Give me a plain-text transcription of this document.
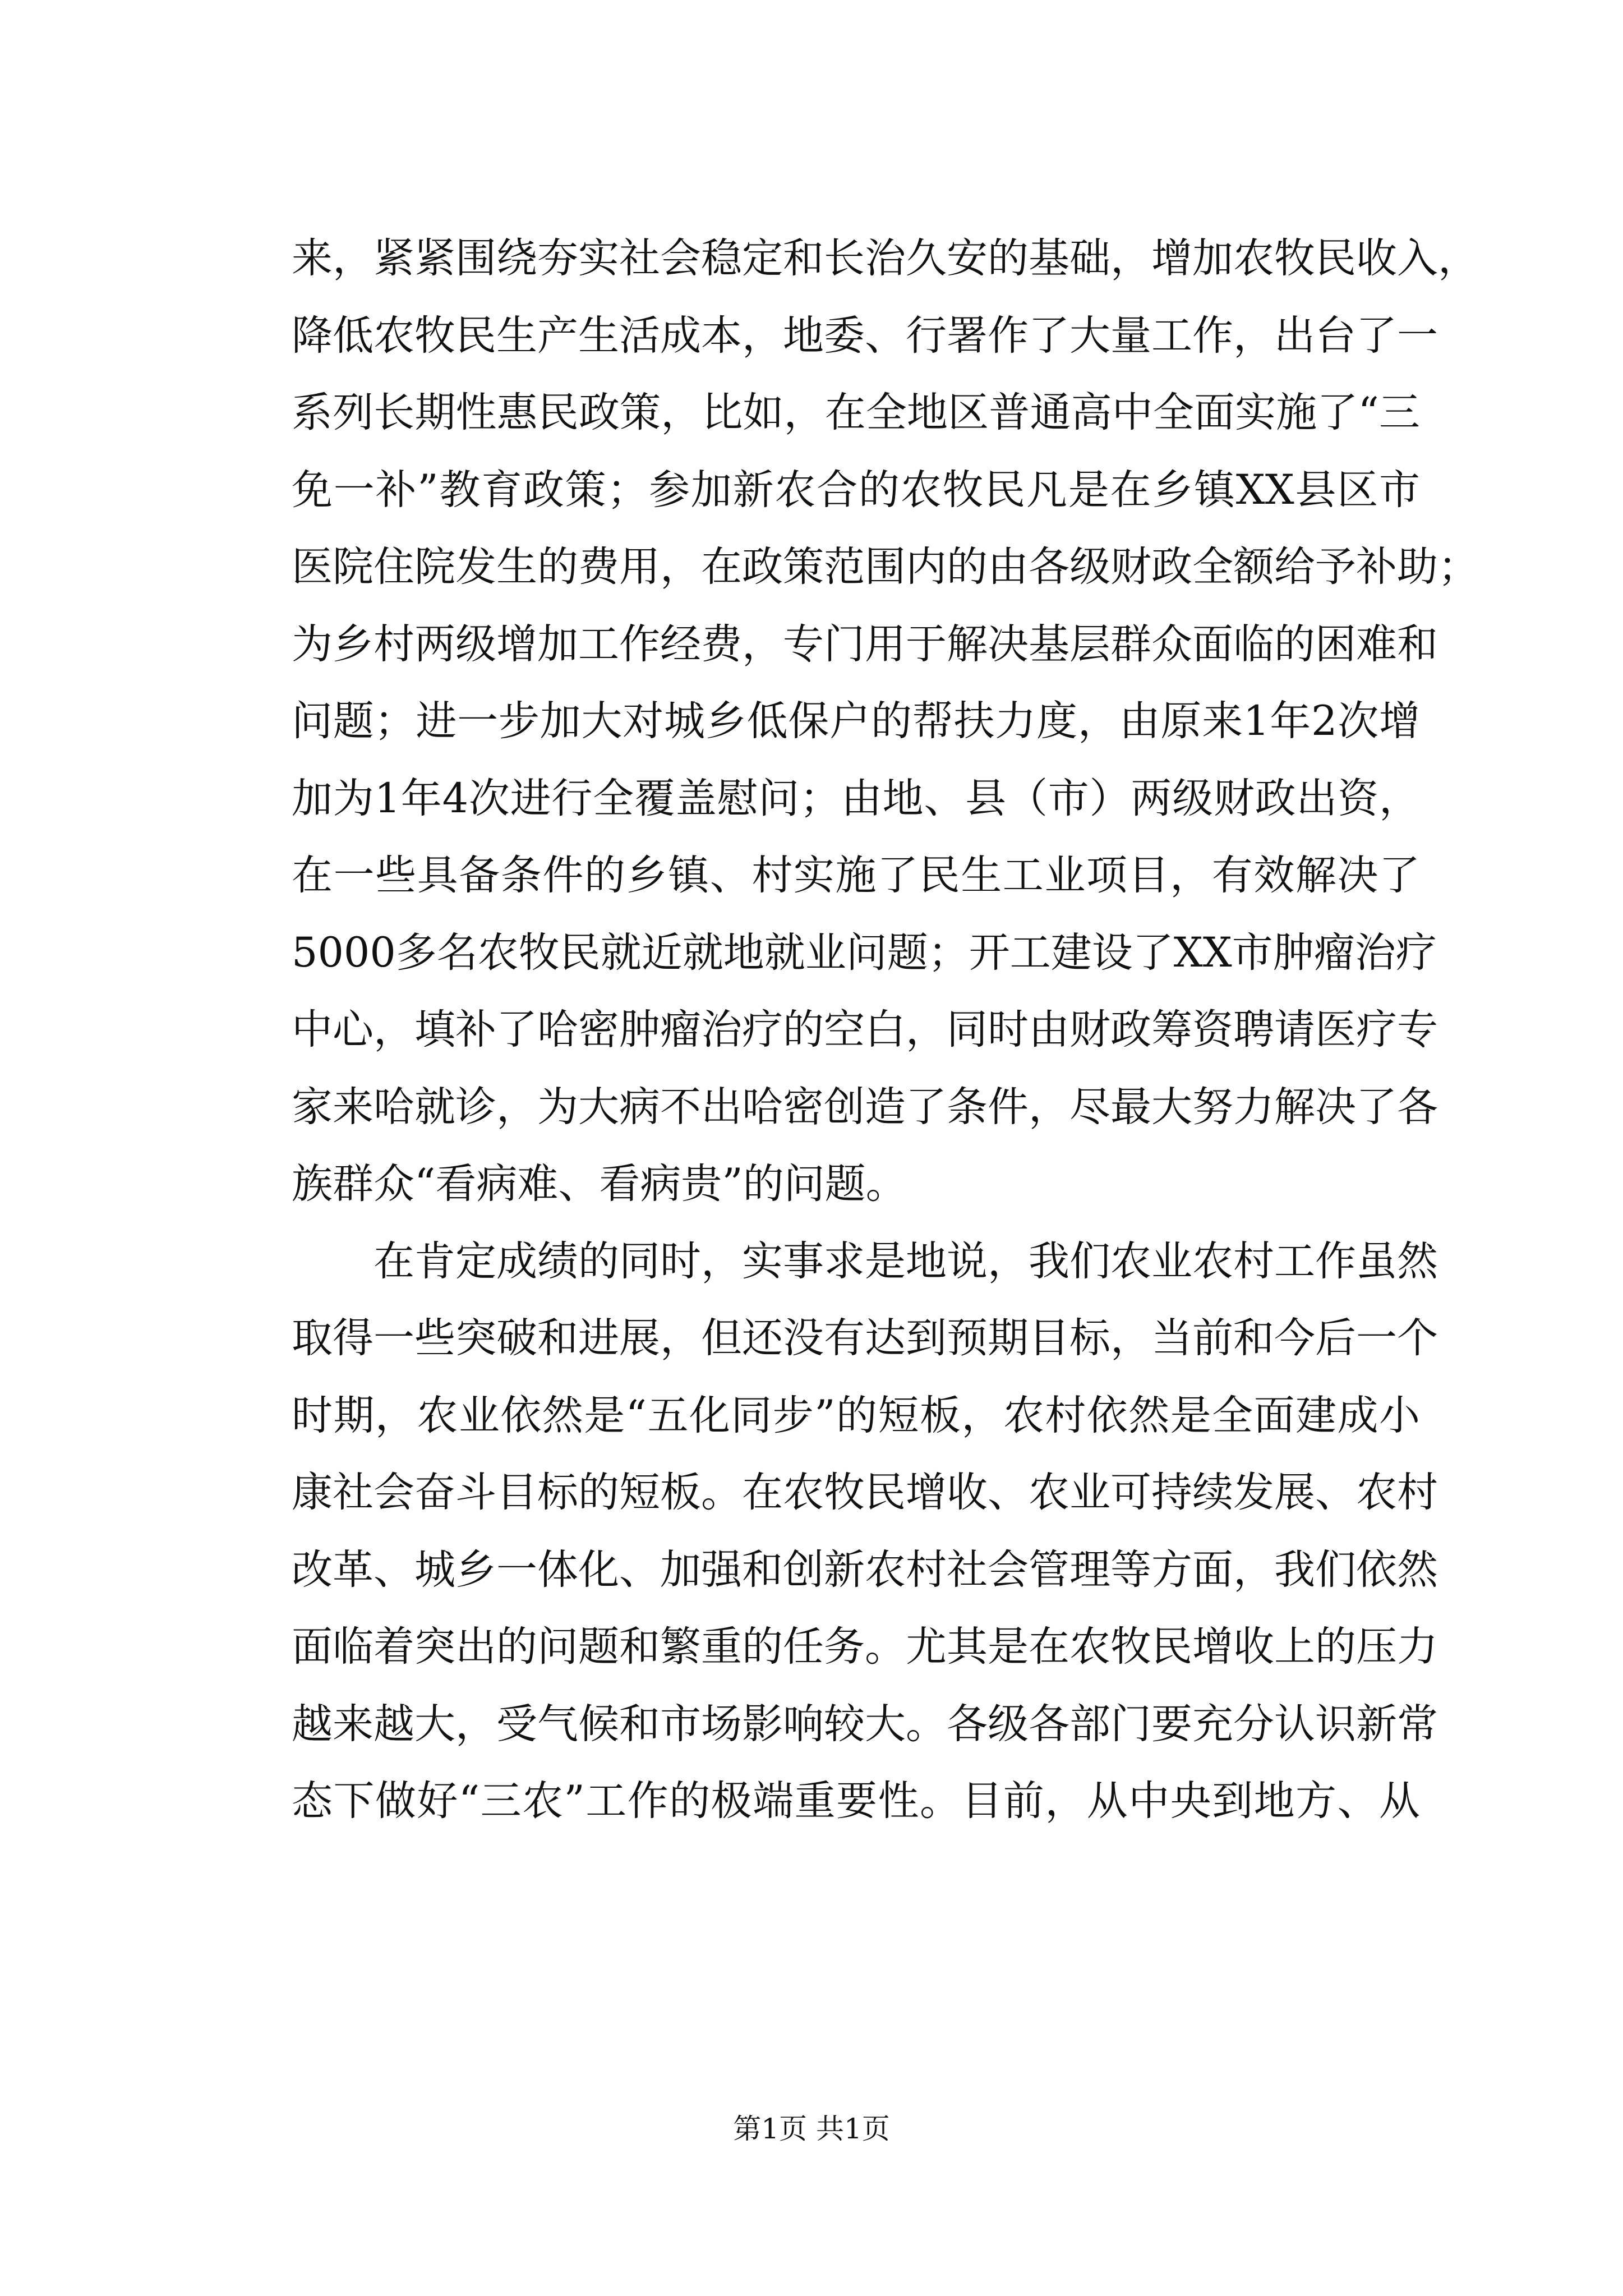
来，紧紧围绕夯实社会稳定和长治久安的基础，增加农牧民收入，
降低农牧民生产生活成本，地委、行署作了大量工作，出台了一
系列长期性惠民政策，比如，在全地区普通高中全面实施了“三
免一补”教育政策；参加新农合的农牧民凡是在乡镇XX县区市
医院住院发生的费用，在政策范围内的由各级财政全额给予补助；
为乡村两级增加工作经费，专门用于解决基层群众面临的困难和
问题；进一步加大对城乡低保户的帮扶力度，由原来1年2次增
加为1年4次进行全覆盖慰问；由地、县（市）两级财政出资，
在一些具备条件的乡镇、村实施了民生工业项目，有效解决了
5000多名农牧民就近就地就业问题；开工建设了XX市肿瘤治疗
中心，填补了哈密肿瘤治疗的空白，同时由财政筹资聘请医疗专
家来哈就诊，为大病不出哈密创造了条件，尽最大努力解决了各
族群众“看病难、看病贵”的问题。
在肯定成绩的同时，实事求是地说，我们农业农村工作虽然
取得一些突破和进展，但还没有达到预期目标，当前和今后一个
时期，农业依然是“五化同步”的短板，农村依然是全面建成小
康社会奋斗目标的短板。在农牧民增收、农业可持续发展、农村
改革、城乡一体化、加强和创新农村社会管理等方面，我们依然
面临着突出的问题和繁重的任务。尤其是在农牧民增收上的压力
越来越大，受气候和市场影响较大。各级各部门要充分认识新常
态下做好“三农”工作的极端重要性。目前，从中央到地方、从
第1页 共1页
